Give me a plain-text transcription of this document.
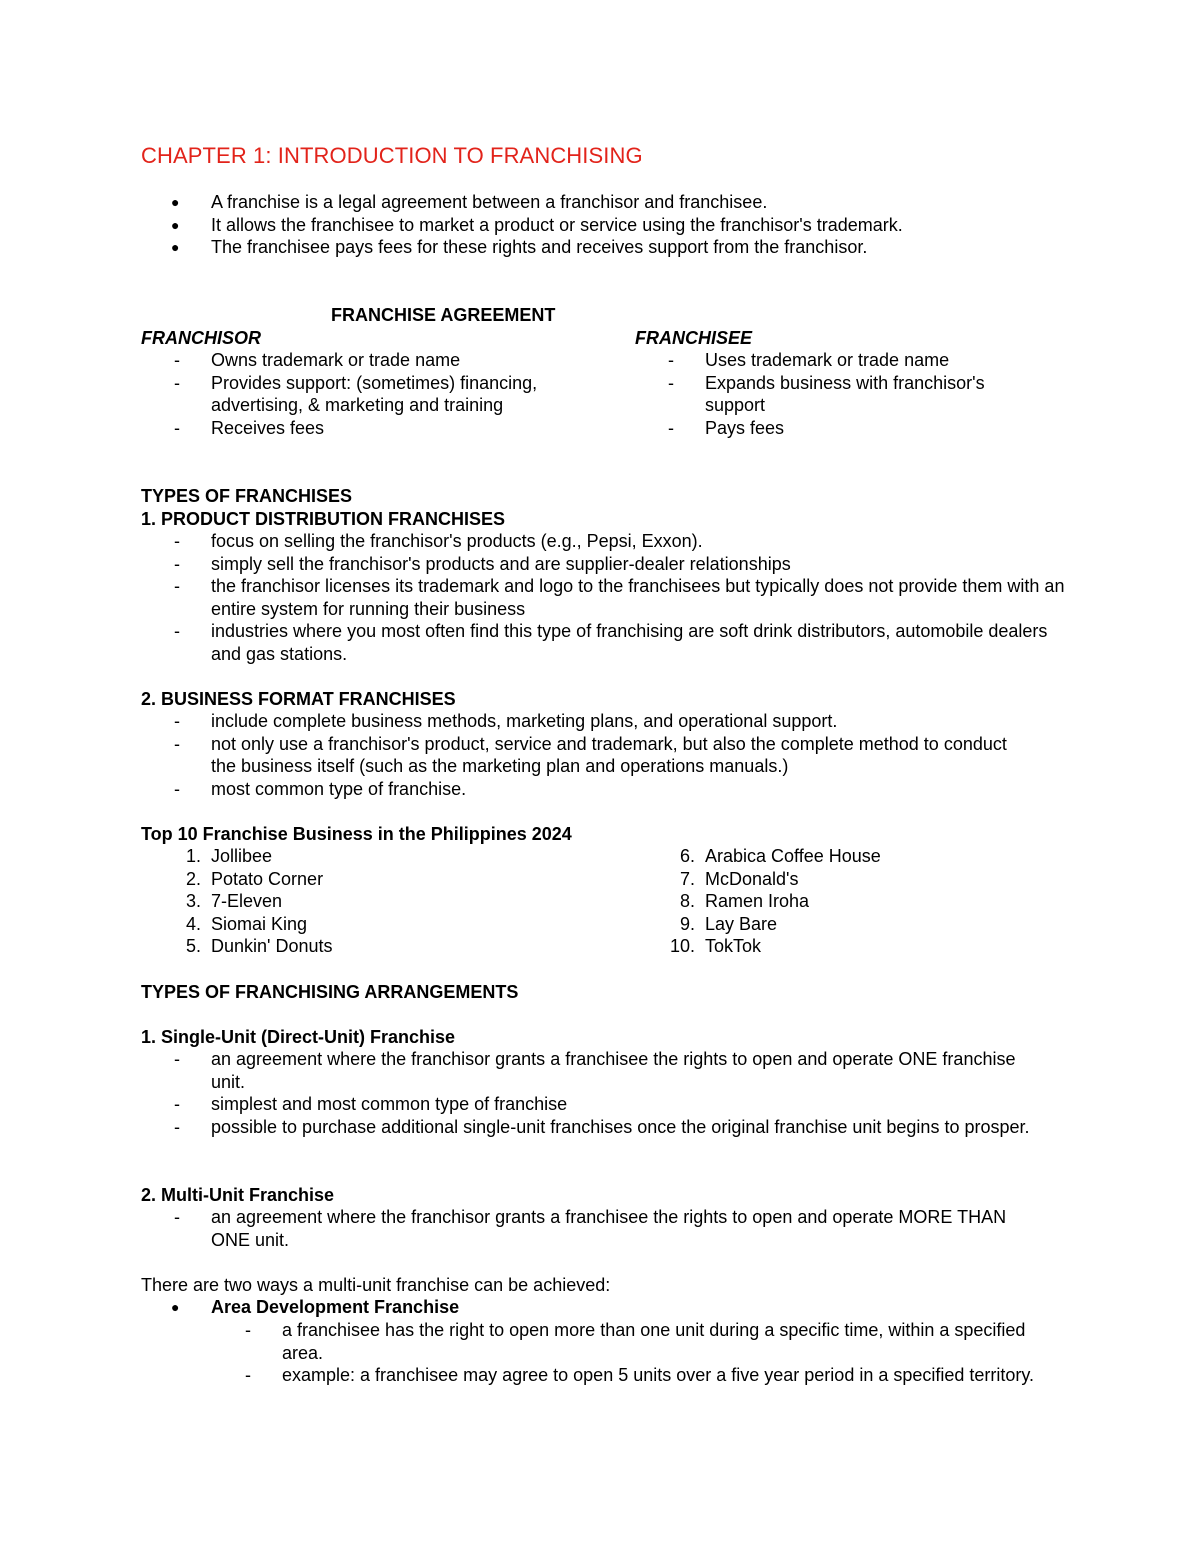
CHAPTER 1: INTRODUCTION TO FRANCHISING
●	A franchise is a legal agreement between a franchisor and franchisee.
●	It allows the franchisee to market a product or service using the franchisor's trademark.
●	The franchisee pays fees for these rights and receives support from the franchisor.
FRANCHISE AGREEMENT
FRANCHISOR
-	Owns trademark or trade name
-	Provides support: (sometimes) financing, advertising, & marketing and training
-	Receives fees
FRANCHISEE
-	Uses trademark or trade name
-	Expands business with franchisor's support
-	Pays fees
TYPES OF FRANCHISES
1. PRODUCT DISTRIBUTION FRANCHISES
-	focus on selling the franchisor's products (e.g., Pepsi, Exxon).
-	simply sell the franchisor's products and are supplier-dealer relationships
-	the franchisor licenses its trademark and logo to the franchisees but typically does not provide them with an entire system for running their business
-	industries where you most often find this type of franchising are soft drink distributors, automobile dealers and gas stations.
2. BUSINESS FORMAT FRANCHISES
-	include complete business methods, marketing plans, and operational support.
-	not only use a franchisor's product, service and trademark, but also the complete method to conduct the business itself (such as the marketing plan and operations manuals.)
-	most common type of franchise.
Top 10 Franchise Business in the Philippines 2024
1. Jollibee
2. Potato Corner
3. 7-Eleven
4. Siomai King
5. Dunkin' Donuts
6. Arabica Coffee House
7. McDonald's
8. Ramen Iroha
9. Lay Bare
10. TokTok
TYPES OF FRANCHISING ARRANGEMENTS
1. Single-Unit (Direct-Unit) Franchise
-	an agreement where the franchisor grants a franchisee the rights to open and operate ONE franchise unit.
-	simplest and most common type of franchise
-	possible to purchase additional single-unit franchises once the original franchise unit begins to prosper.
2. Multi-Unit Franchise
-	an agreement where the franchisor grants a franchisee the rights to open and operate MORE THAN ONE unit.
There are two ways a multi-unit franchise can be achieved:
●	Area Development Franchise
-	a franchisee has the right to open more than one unit during a specific time, within a specified area.
-	example: a franchisee may agree to open 5 units over a five year period in a specified territory.
